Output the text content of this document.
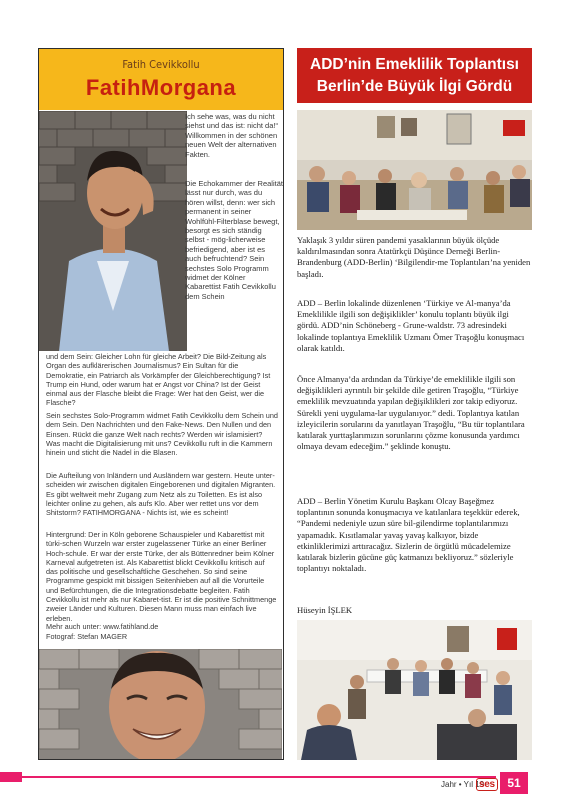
Fatih Cevikkollu
FatihMorgana

Ich sehe was, was du nicht siehst und das ist: nicht da!“ Willkommen in der schönen neuen Welt der alternativen Fakten.

Die Echokammer der Realität lässt nur durch, was du hören willst, denn: wer sich permanent in seiner Wohlfühl-Filterblase bewegt, besorgt es sich ständig selbst - mög-licherweise befriedigend, aber ist es auch befruchtend? Sein sechstes Solo Programm widmet der Kölner Kabarettist Fatih Cevikkollu dem Schein

und dem Sein: Gleicher Lohn für gleiche Arbeit? Die Bild-Zeitung als Organ des aufklärerischen Journalismus? Ein Sultan für die Demokratie, ein Patriarch als Vorkämpfer der Gleichberechtigung? Ist Trump ein Hund, oder warum hat er Angst vor China? Ist der Geist einmal aus der Flasche bleibt die Frage: Wer hat den Geist, wer die Flasche?

Sein sechstes Solo-Programm widmet Fatih Cevikkollu dem Schein und dem Sein. Den Nachrichten und den Fake-News. Den Nullen und den Einsen. Rückt die ganze Welt nach rechts? Werden wir islamisiert? Was macht die Digitalisierung mit uns? Cevikkollu ruft in die Kammern hinein und sticht die Nadel in die Blasen.

Die Aufteilung von Inländern und Ausländern war gestern. Heute unter-scheiden wir zwischen digitalen Eingeborenen und digitalen Migranten. Es gibt weltweit mehr Zugang zum Netz als zu Toiletten. Es ist also leichter online zu gehen, als aufs Klo. Aber wer rettet uns vor dem Shitstorm? FATIHMORGANA - Nichts ist, wie es scheint!

Hintergrund: Der in Köln geborene Schauspieler und Kabarettist mit türki-schen Wurzeln war erster zugelassener Türke an einer Berliner Hoch-schule. Er war der erste Türke, der als Büttenredner beim Kölner Karneval aufgetreten ist. Als Kabarettist blickt Cevikkollu kritisch auf das politische und gesellschaftliche Geschehen. So sind seine Programme gespickt mit bissigen Seitenhieben auf all die Vorurteile und Befürchtungen, die die Integrationsdebatte begleiten. Fatih Cevikkollu ist mehr als nur Kabaret-tist. Er ist die positive Schnittmenge zweier Länder und Kulturen. Diesen Mann muss man einfach live erleben.

Mehr auch unter: www.fatihland.de

Fotograf: Stefan MAGER

ADD’nin Emeklilik Toplantısı
Berlin’de Büyük İlgi Gördü

Yaklaşık 3 yıldır süren pandemi yasaklarının büyük ölçüde kaldırılmasından sonra Atatürkçü Düşünce Derneği Berlin-Brandenburg (ADD-Berlin) ‘Bilgilendir-me Toplantıları’na yeniden başladı.

ADD – Berlin lokalinde düzenlenen ‘Türkiye ve Al-manya’da Emeklilikle ilgili son değişiklikler’ konulu toplantı büyük ilgi gördü. ADD’nin Schöneberg - Grune-waldstr. 73 adresindeki lokalinde toplantıya Emeklilik Uzmanı Ömer Traşoğlu konuşmacı olarak katıldı.

Önce Almanya’da ardından da Türkiye’de emeklilikle ilgili son değişiklikleri ayrıntılı bir şekilde dile getiren Traşoğlu, “Türkiye emeklilik mevzuatında yapılan değişiklikleri zor takip ediyoruz. Sürekli yeni uygulama-lar uygulanıyor.” dedi. Toplantıya katılan izleyicilerin sorularını da yanıtlayan Traşoğlu, “Bu tür toplantılara katılarak yurttaşlarımızın sorunlarını çözme konusunda yardımcı olmaya devam edeceğim.” şeklinde konuştu.

ADD – Berlin Yönetim Kurulu Başkanı Olcay Başeğmez toplantının sonunda konuşmacıya ve katılanlara teşekkür ederek, “Pandemi nedeniyle uzun süre bil-gilendirme toplantılarımızı yapamadık. Kısıtlamalar yavaş yavaş kalkıyor, bizde etkinliklerimizi arttıracağız. Sizlerin de örgütlü mücadelemize katılarak bizlerin gücüne güç katmanızı bekliyoruz.” sözleriyle toplantıyı noktaladı.

Hüseyin İŞLEK

Jahr • Yıl 19
ses	51
